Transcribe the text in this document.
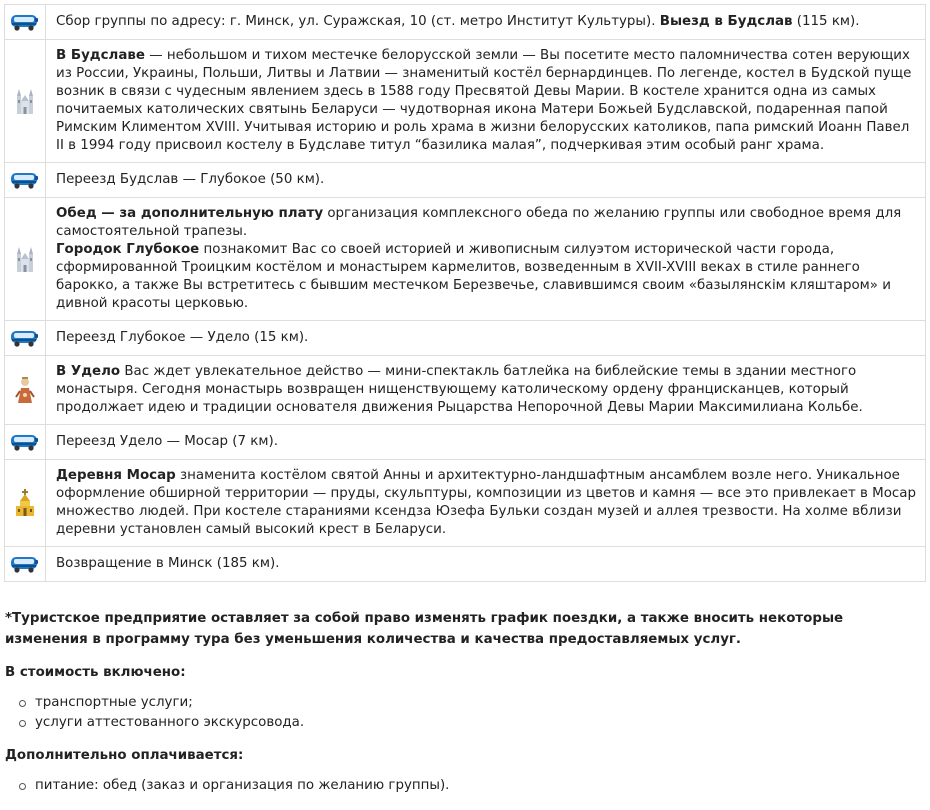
	Сбор группы по адресу: г. Минск, ул. Суражская, 10 (ст. метро Институт Культуры). Выезд в Будслав (115 км).

	В Будславе — небольшом и тихом местечке белорусской земли — Вы посетите место паломничества сотен верующих из России, Украины, Польши, Литвы и Латвии — знаменитый костёл бернардинцев. По легенде, костел в Будской пуще возник в связи с чудесным явлением здесь в 1588 году Пресвятой Девы Марии. В костеле хранится одна из самых почитаемых католических святынь Беларуси — чудотворная икона Матери Божьей Будславской, подаренная папой Римским Климентом XVIII. Учитывая историю и роль храма в жизни белорусских католиков, папа римский Иоанн Павел II в 1994 году присвоил костелу в Будславе титул “базилика малая”, подчеркивая этим особый ранг храма.

	Переезд Будслав — Глубокое (50 км).

	Обед — за дополнительную плату организация комплексного обеда по желанию группы или свободное время для самостоятельной трапезы.
Городок Глубокое познакомит Вас со своей историей и живописным силуэтом исторической части города, сформированной Троицким костёлом и монастырем кармелитов, возведенным в XVII-XVIII веках в стиле раннего барокко, а также Вы встретитесь с бывшим местечком Березвечье, славившимся своим «базылянскім кляштаром» и дивной красоты церковью.

	Переезд Глубокое — Удело (15 км).

	В Удело Вас ждет увлекательное действо — мини-спектакль батлейка на библейские темы в здании местного монастыря. Сегодня монастырь возвращен нищенствующему католическому ордену францисканцев, который продолжает идею и традиции основателя движения Рыцарства Непорочной Девы Марии Максимилиана Кольбе.

	Переезд Удело — Мосар (7 км).

	Деревня Мосар знаменита костёлом святой Анны и архитектурно-ландшафтным ансамблем возле него. Уникальное оформление обширной территории — пруды, скульптуры, композиции из цветов и камня — все это привлекает в Мосар множество людей. При костеле стараниями ксендза Юзефа Бульки создан музей и аллея трезвости. На холме вблизи деревни установлен самый высокий крест в Беларуси.

	Возвращение в Минск (185 км).

*Туристское предприятие оставляет за собой право изменять график поездки, а также вносить некоторые изменения в программу тура без уменьшения количества и качества предоставляемых услуг.

В стоимость включено:

транспортные услуги;
услуги аттестованного экскурсовода.

Дополнительно оплачивается:

питание: обед (заказ и организация по желанию группы).
